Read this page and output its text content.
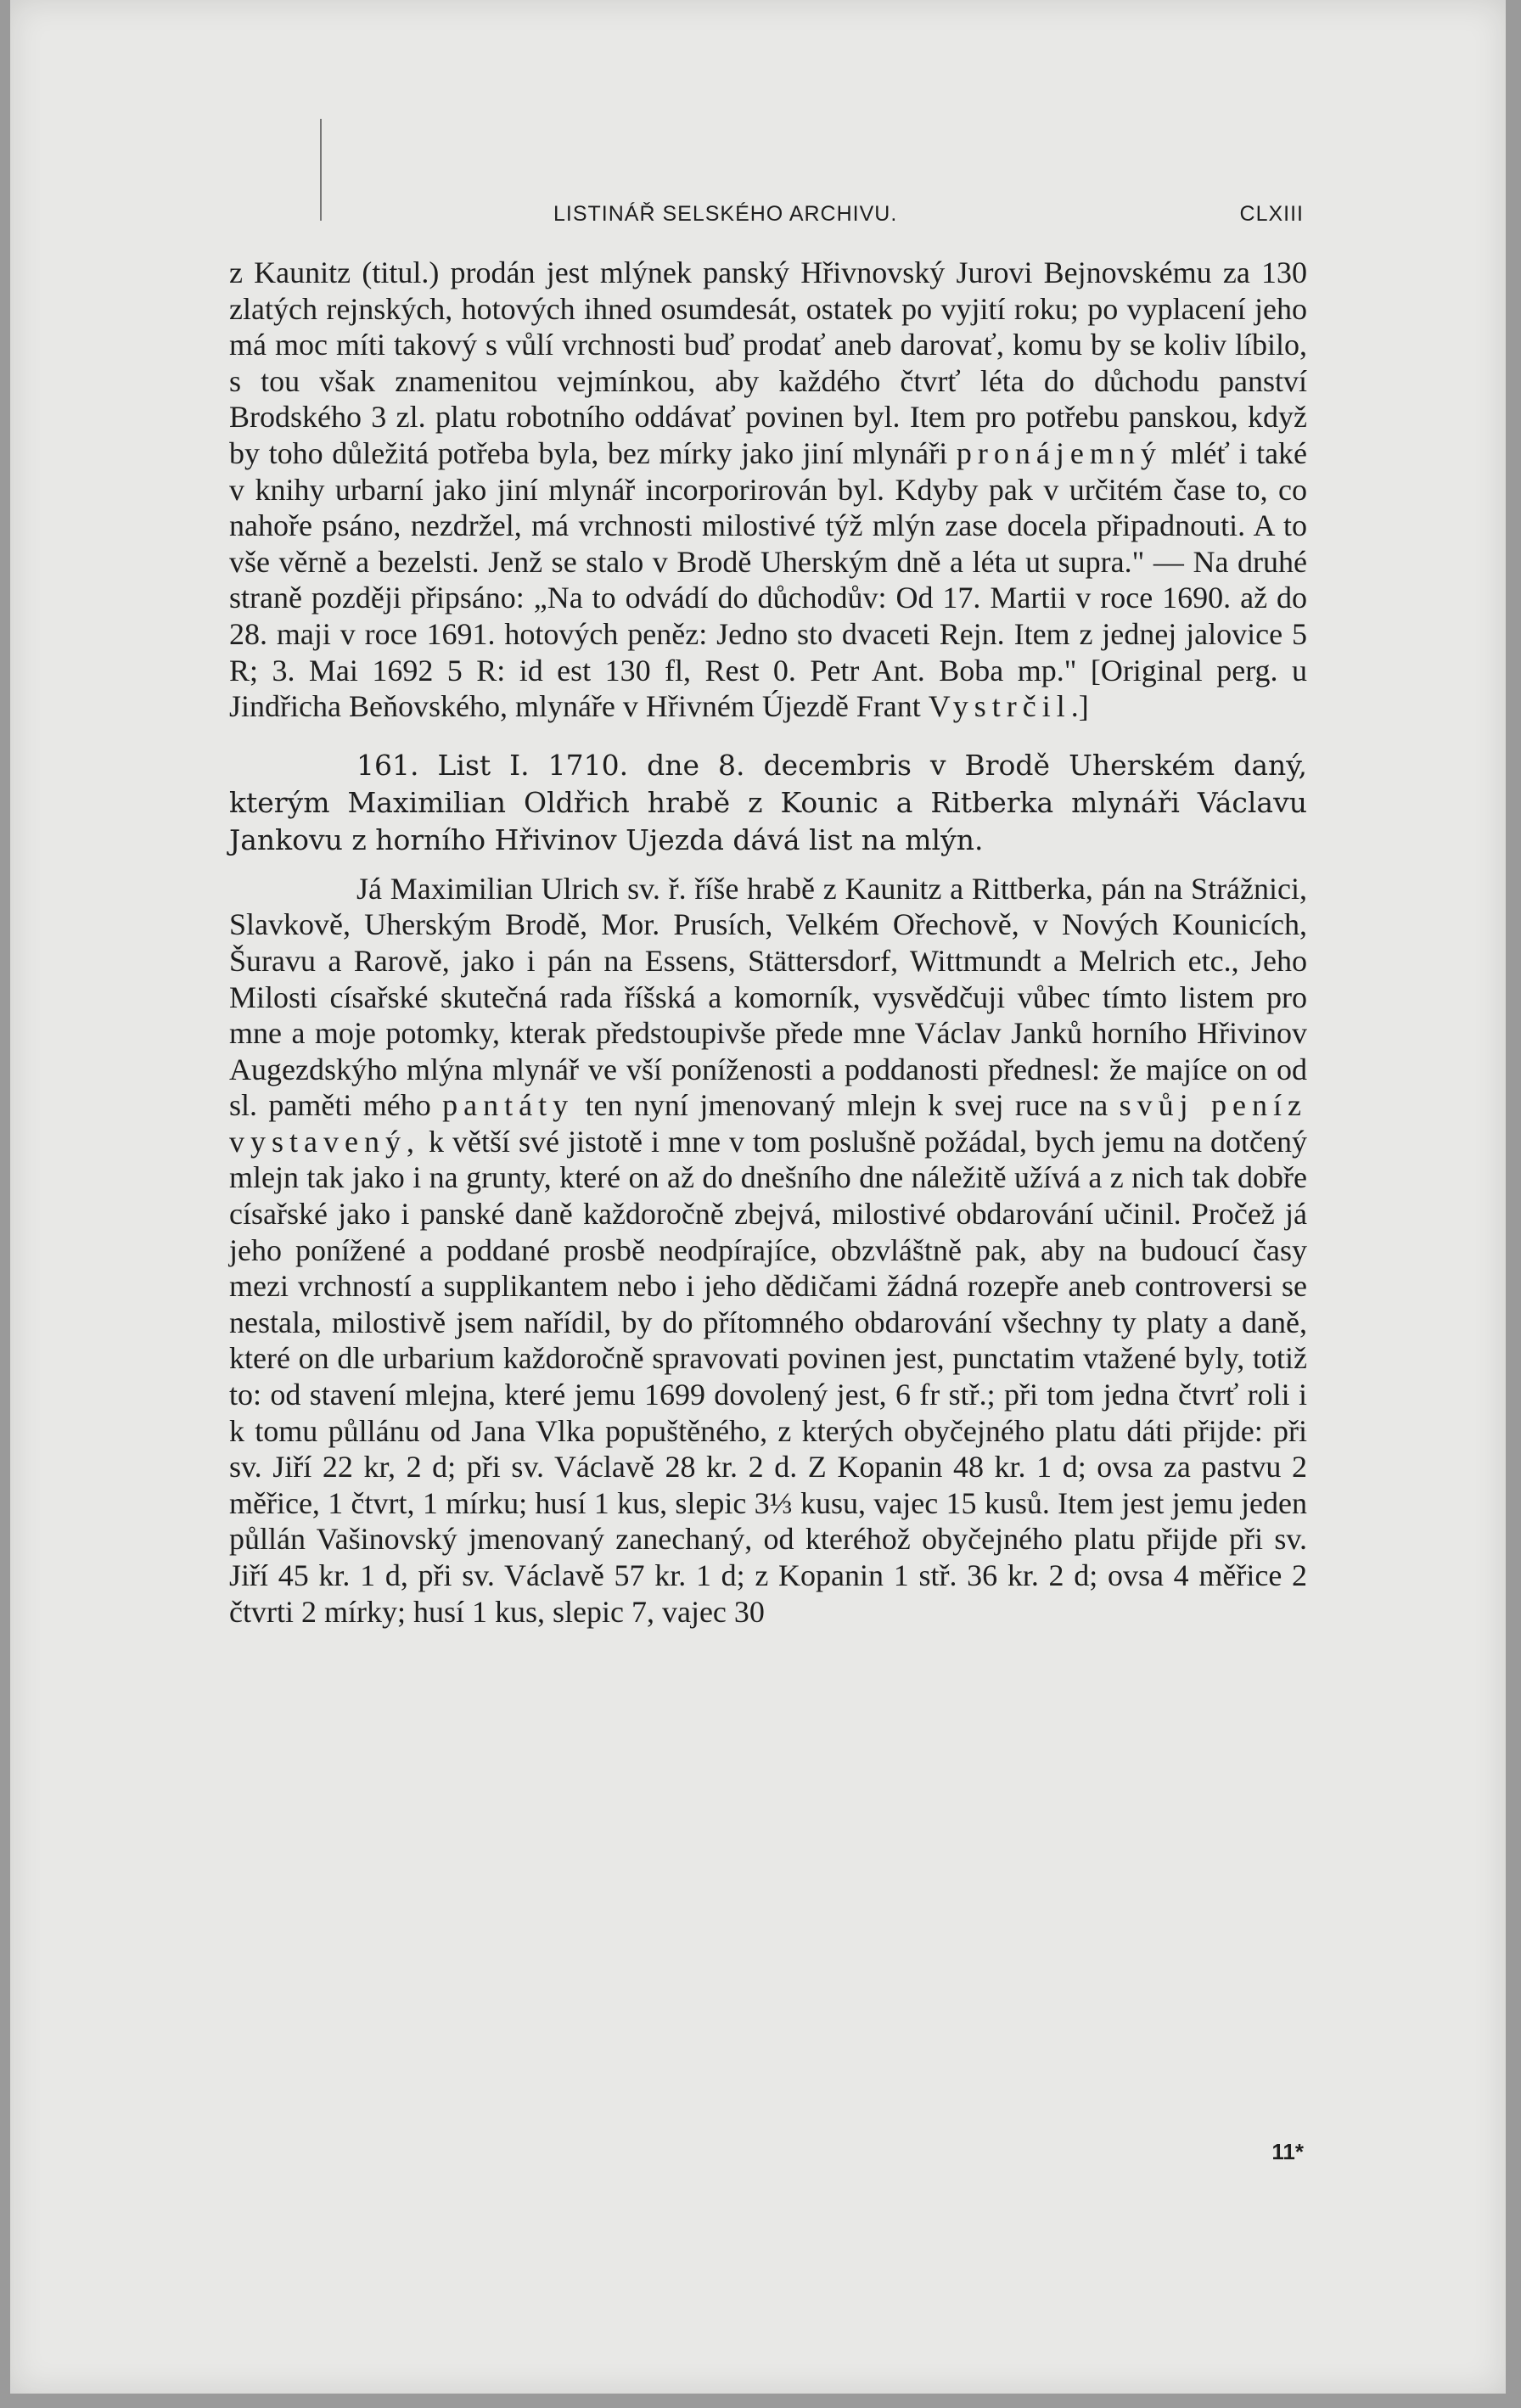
LISTINÁŘ SELSKÉHO ARCHIVU.	CLXIII

z Kaunitz (titul.) prodán jest mlýnek panský Hřivnovský Jurovi Bejnovskému za 130 zlatých rejnských, hotových ihned osumdesát, ostatek po vyjití roku; po vyplacení jeho má moc míti takový s vůlí vrchnosti buď prodať aneb darovať, komu by se koliv líbilo, s tou však znamenitou vejmínkou, aby každého čtvrť léta do důchodu panství Brodského 3 zl. platu robotního oddávať povinen byl. Item pro potřebu panskou, když by toho důležitá potřeba byla, bez mírky jako jiní mlynáři pronájemný mléť i také v knihy urbarní jako jiní mlynář incorporirován byl. Kdyby pak v určitém čase to, co nahoře psáno, nezdržel, má vrchnosti milostivé týž mlýn zase docela připadnouti. A to vše věrně a bezelsti. Jenž se stalo v Brodě Uherským dně a léta ut supra." — Na druhé straně později připsáno: „Na to odvádí do důchodův: Od 17. Martii v roce 1690. až do 28. maji v roce 1691. hotových peněz: Jedno sto dvaceti Rejn. Item z jednej jalovice 5 R; 3. Mai 1692 5 R: id est 130 fl, Rest 0. Petr Ant. Boba mp." [Original perg. u Jindřicha Beňovského, mlynáře v Hřivném Újezdě Frant Vystrčil.]

161. List I. 1710. dne 8. decembris v Brodě Uherském daný, kterým Maximilian Oldřich hrabě z Kounic a Ritberka mlynáři Václavu Jankovu z horního Hřivinov Ujezda dává list na mlýn.

Já Maximilian Ulrich sv. ř. říše hrabě z Kaunitz a Rittberka, pán na Strážnici, Slavkově, Uherským Brodě, Mor. Prusích, Velkém Ořechově, v Nových Kounicích, Šuravu a Rarově, jako i pán na Essens, Stättersdorf, Wittmundt a Melrich etc., Jeho Milosti císařské skutečná rada říšská a komorník, vysvědčuji vůbec tímto listem pro mne a moje potomky, kterak předstoupivše přede mne Václav Janků horního Hřivinov Augezdskýho mlýna mlynář ve vší poníženosti a poddanosti přednesl: že majíce on od sl. paměti mého pantáty ten nyní jmenovaný mlejn k svej ruce na svůj peníz vystavený, k větší své jistotě i mne v tom poslušně požádal, bych jemu na dotčený mlejn tak jako i na grunty, které on až do dnešního dne náležitě užívá a z nich tak dobře císařské jako i panské daně každoročně zbejvá, milostivé obdarování učinil. Pročež já jeho ponížené a poddané prosbě neodpírajíce, obzvláštně pak, aby na budoucí časy mezi vrchností a supplikantem nebo i jeho dědičami žádná rozepře aneb controversi se nestala, milostivě jsem nařídil, by do přítomného obdarování všechny ty platy a daně, které on dle urbarium každoročně spravovati povinen jest, punctatim vtažené byly, totiž to: od stavení mlejna, které jemu 1699 dovolený jest, 6 fr stř.; při tom jedna čtvrť roli i k tomu půllánu od Jana Vlka popuštěného, z kterých obyčejného platu dáti přijde: při sv. Jiří 22 kr, 2 d; při sv. Václavě 28 kr. 2 d. Z Kopanin 48 kr. 1 d; ovsa za pastvu 2 měřice, 1 čtvrt, 1 mírku; husí 1 kus, slepic 3⅓ kusu, vajec 15 kusů. Item jest jemu jeden půllán Vašinovský jmenovaný zanechaný, od kteréhož obyčejného platu přijde při sv. Jiří 45 kr. 1 d, při sv. Václavě 57 kr. 1 d; z Kopanin 1 stř. 36 kr. 2 d; ovsa 4 měřice 2 čtvrti 2 mírky; husí 1 kus, slepic 7, vajec 30

11*
